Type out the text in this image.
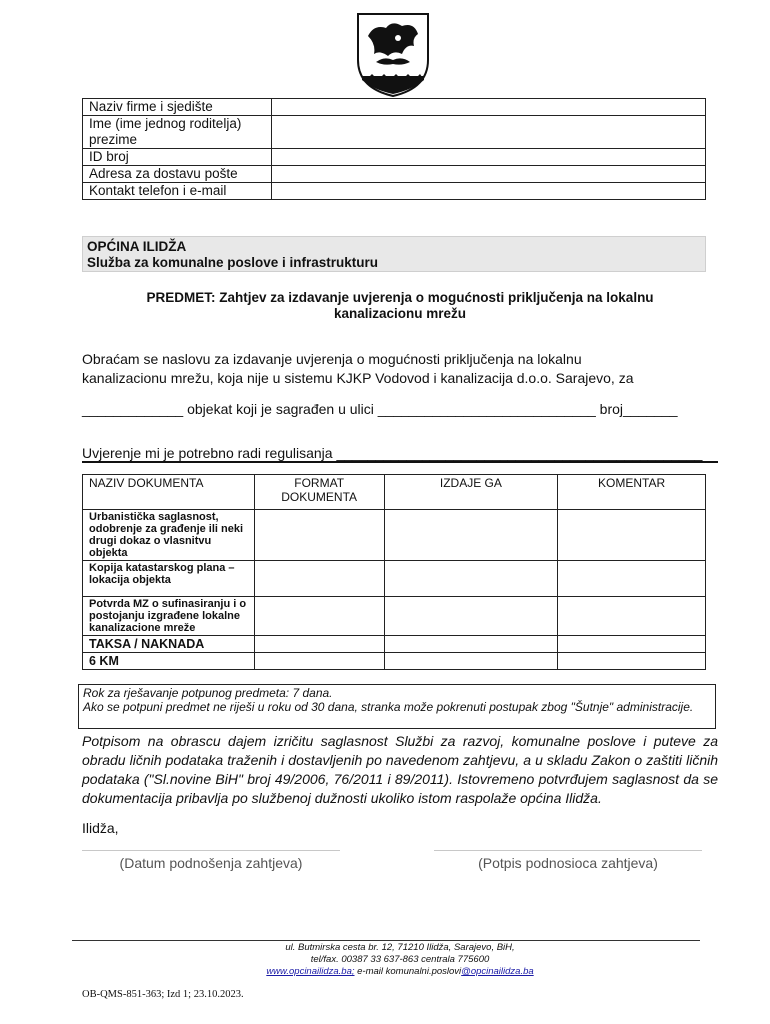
Naziv firme i sjedište	
Ime (ime jednog roditelja) prezime	
ID broj	
Adresa za dostavu pošte	
Kontakt telefon i e-mail	
OPĆINA ILIDŽA
Služba za komunalne poslove i infrastrukturu
PREDMET: Zahtjev za izdavanje uvjerenja o mogućnosti priključenja na lokalnu kanalizacionu mrežu
Obraćam se naslovu za izdavanje uvjerenja o mogućnosti priključenja na lokalnu
kanalizacionu mrežu, koja nije u sistemu KJKP Vodovod i kanalizacija d.o.o. Sarajevo, za
_____________ objekat koji je sagrađen u ulici ____________________________ broj_______
Uvjerenje mi je potrebno radi regulisanja _______________________________________________
NAZIV DOKUMENTA	FORMAT DOKUMENTA	IZDAJE GA	KOMENTAR
Urbanistička saglasnost, odobrenje za građenje ili neki drugi dokaz o vlasnitvu objekta			
Kopija katastarskog plana – lokacija objekta			
Potvrda MZ o sufinasiranju i o postojanju izgrađene lokalne kanalizacione mreže			
TAKSA / NAKNADA			
6 KM			
Rok za rješavanje potpunog predmeta: 7 dana.
Ako se potpuni predmet ne riješi u roku od 30 dana, stranka može pokrenuti postupak zbog "Šutnje" administracije.
Potpisom na obrascu dajem izričitu saglasnost Službi za razvoj, komunalne poslove i puteve za obradu ličnih podataka traženih i dostavljenih po navedenom zahtjevu, a u skladu Zakon o zaštiti ličnih podataka ("Sl.novine BiH" broj 49/2006, 76/2011 i 89/2011). Istovremeno potvrđujem saglasnost da se dokumentacija pribavlja po službenoj dužnosti ukoliko istom raspolaže općina Ilidža.
Ilidža,
(Datum podnošenja zahtjeva)	(Potpis podnosioca zahtjeva)
ul. Butmirska cesta br. 12, 71210 Ilidža, Sarajevo, BiH,
tel/fax. 00387 33 637-863 centrala 775600
www.opcinailidza.ba; e-mail komunalni.poslovi@opcinailidza.ba
OB-QMS-851-363; Izd 1; 23.10.2023.
